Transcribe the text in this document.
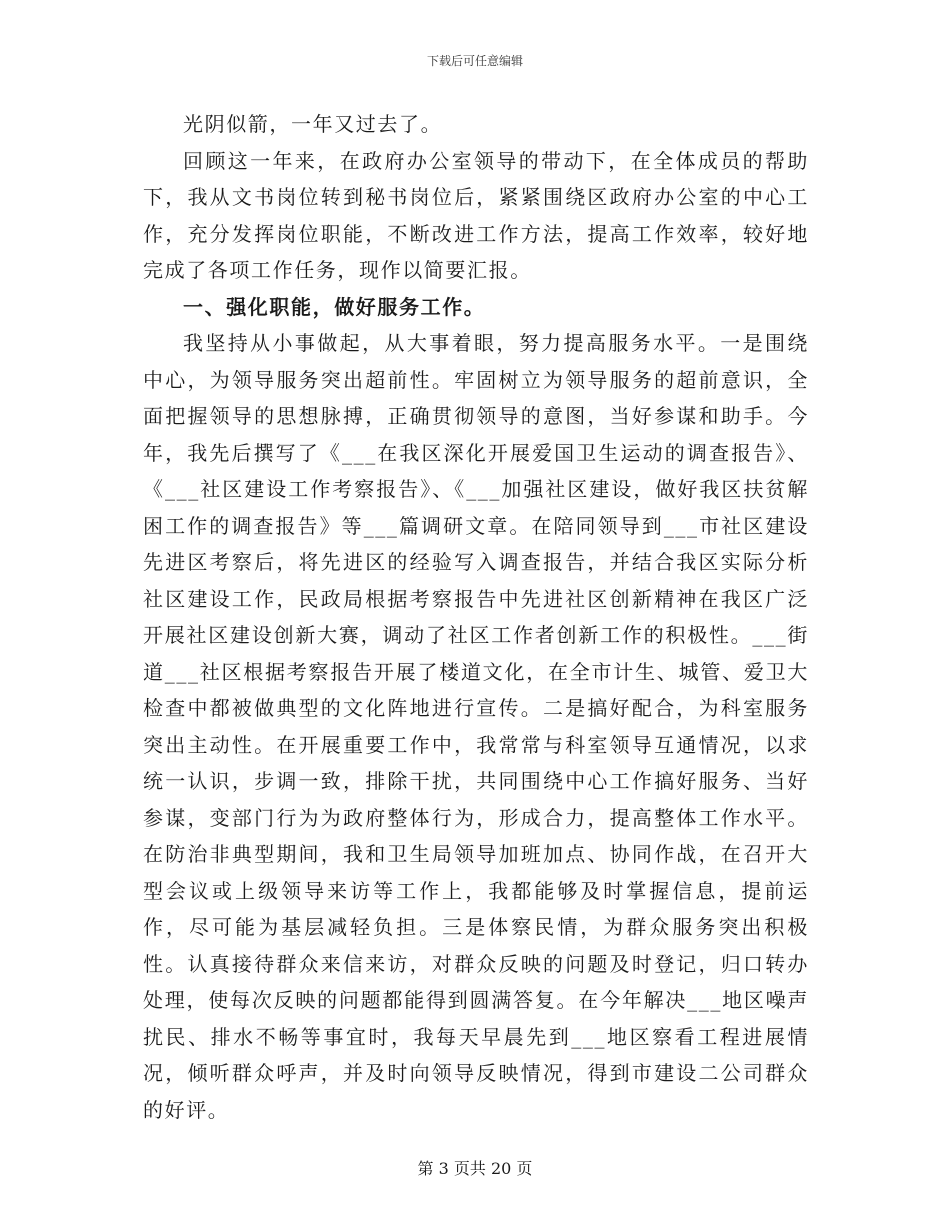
下载后可任意编辑

光阴似箭，一年又过去了。

回顾这一年来，在政府办公室领导的带动下，在全体成员的帮助下，我从文书岗位转到秘书岗位后，紧紧围绕区政府办公室的中心工作，充分发挥岗位职能，不断改进工作方法，提高工作效率，较好地完成了各项工作任务，现作以简要汇报。

一、强化职能，做好服务工作。

我坚持从小事做起，从大事着眼，努力提高服务水平。一是围绕中心，为领导服务突出超前性。牢固树立为领导服务的超前意识，全面把握领导的思想脉搏，正确贯彻领导的意图，当好参谋和助手。今年，我先后撰写了《___在我区深化开展爱国卫生运动的调查报告》、《___社区建设工作考察报告》、《___加强社区建设，做好我区扶贫解困工作的调查报告》等___篇调研文章。在陪同领导到___市社区建设先进区考察后，将先进区的经验写入调查报告，并结合我区实际分析社区建设工作，民政局根据考察报告中先进社区创新精神在我区广泛开展社区建设创新大赛，调动了社区工作者创新工作的积极性。___街道___社区根据考察报告开展了楼道文化，在全市计生、城管、爱卫大检查中都被做典型的文化阵地进行宣传。二是搞好配合，为科室服务突出主动性。在开展重要工作中，我常常与科室领导互通情况，以求统一认识，步调一致，排除干扰，共同围绕中心工作搞好服务、当好参谋，变部门行为为政府整体行为，形成合力，提高整体工作水平。在防治非典型期间，我和卫生局领导加班加点、协同作战，在召开大型会议或上级领导来访等工作上，我都能够及时掌握信息，提前运作，尽可能为基层减轻负担。三是体察民情，为群众服务突出积极性。认真接待群众来信来访，对群众反映的问题及时登记，归口转办处理，使每次反映的问题都能得到圆满答复。在今年解决___地区噪声扰民、排水不畅等事宜时，我每天早晨先到___地区察看工程进展情况，倾听群众呼声，并及时向领导反映情况，得到市建设二公司群众的好评。

第 3 页共 20 页
